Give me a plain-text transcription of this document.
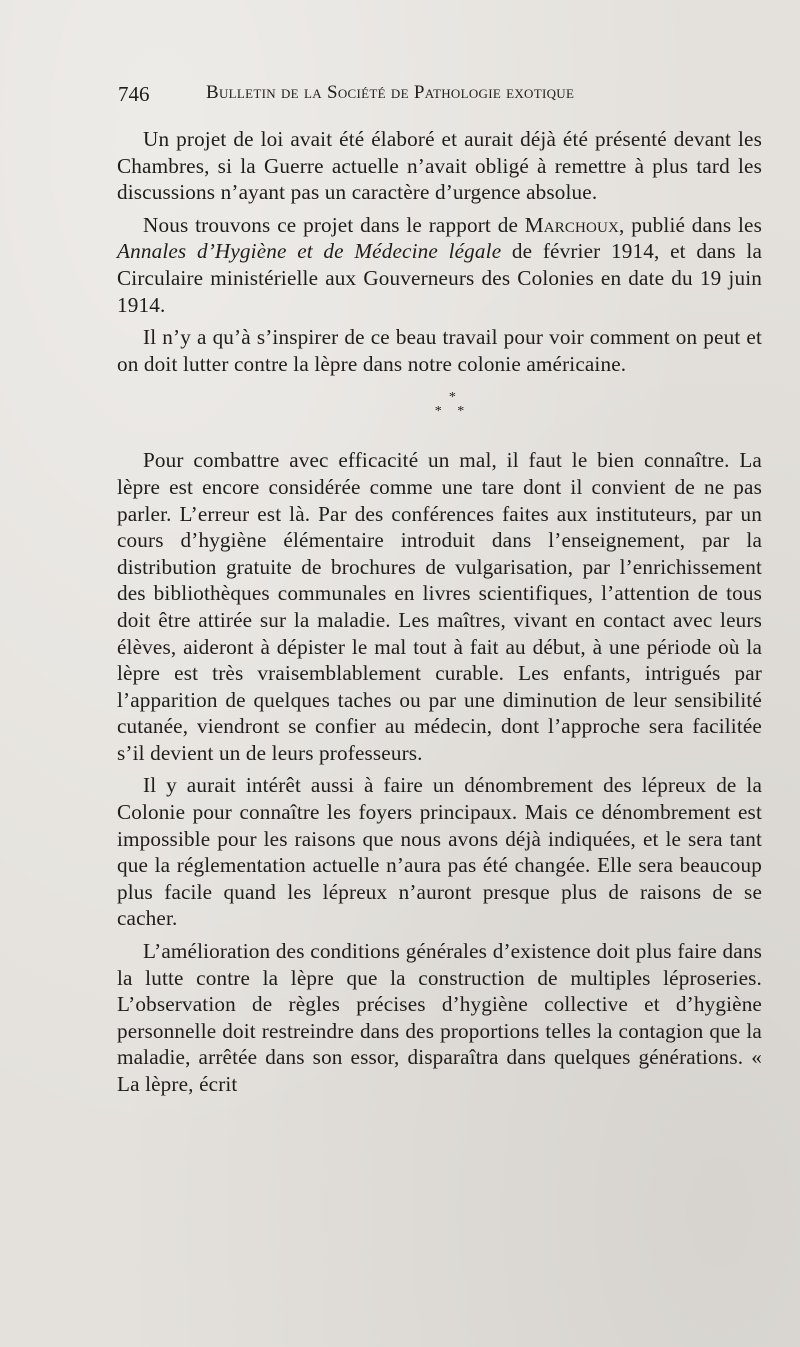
746	Bulletin de la Société de Pathologie exotique

Un projet de loi avait été élaboré et aurait déjà été présenté devant les Chambres, si la Guerre actuelle n’avait obligé à remettre à plus tard les discussions n’ayant pas un caractère d’urgence absolue.

Nous trouvons ce projet dans le rapport de Marchoux, publié dans les Annales d’Hygiène et de Médecine légale de février 1914, et dans la Circulaire ministérielle aux Gouverneurs des Colonies en date du 19 juin 1914.

Il n’y a qu’à s’inspirer de ce beau travail pour voir comment on peut et on doit lutter contre la lèpre dans notre colonie américaine.

*
* *

Pour combattre avec efficacité un mal, il faut le bien connaître. La lèpre est encore considérée comme une tare dont il convient de ne pas parler. L’erreur est là. Par des conférences faites aux instituteurs, par un cours d’hygiène élémentaire introduit dans l’enseignement, par la distribution gratuite de brochures de vulgarisation, par l’enrichissement des bibliothèques communales en livres scientifiques, l’attention de tous doit être attirée sur la maladie. Les maîtres, vivant en contact avec leurs élèves, aideront à dépister le mal tout à fait au début, à une période où la lèpre est très vraisemblablement curable. Les enfants, intrigués par l’apparition de quelques taches ou par une diminution de leur sensibilité cutanée, viendront se confier au médecin, dont l’approche sera facilitée s’il devient un de leurs professeurs.

Il y aurait intérêt aussi à faire un dénombrement des lépreux de la Colonie pour connaître les foyers principaux. Mais ce dénombrement est impossible pour les raisons que nous avons déjà indiquées, et le sera tant que la réglementation actuelle n’aura pas été changée. Elle sera beaucoup plus facile quand les lépreux n’auront presque plus de raisons de se cacher.

L’amélioration des conditions générales d’existence doit plus faire dans la lutte contre la lèpre que la construction de multiples léproseries. L’observation de règles précises d’hygiène collective et d’hygiène personnelle doit restreindre dans des proportions telles la contagion que la maladie, arrêtée dans son essor, disparaîtra dans quelques générations. « La lèpre, écrit
